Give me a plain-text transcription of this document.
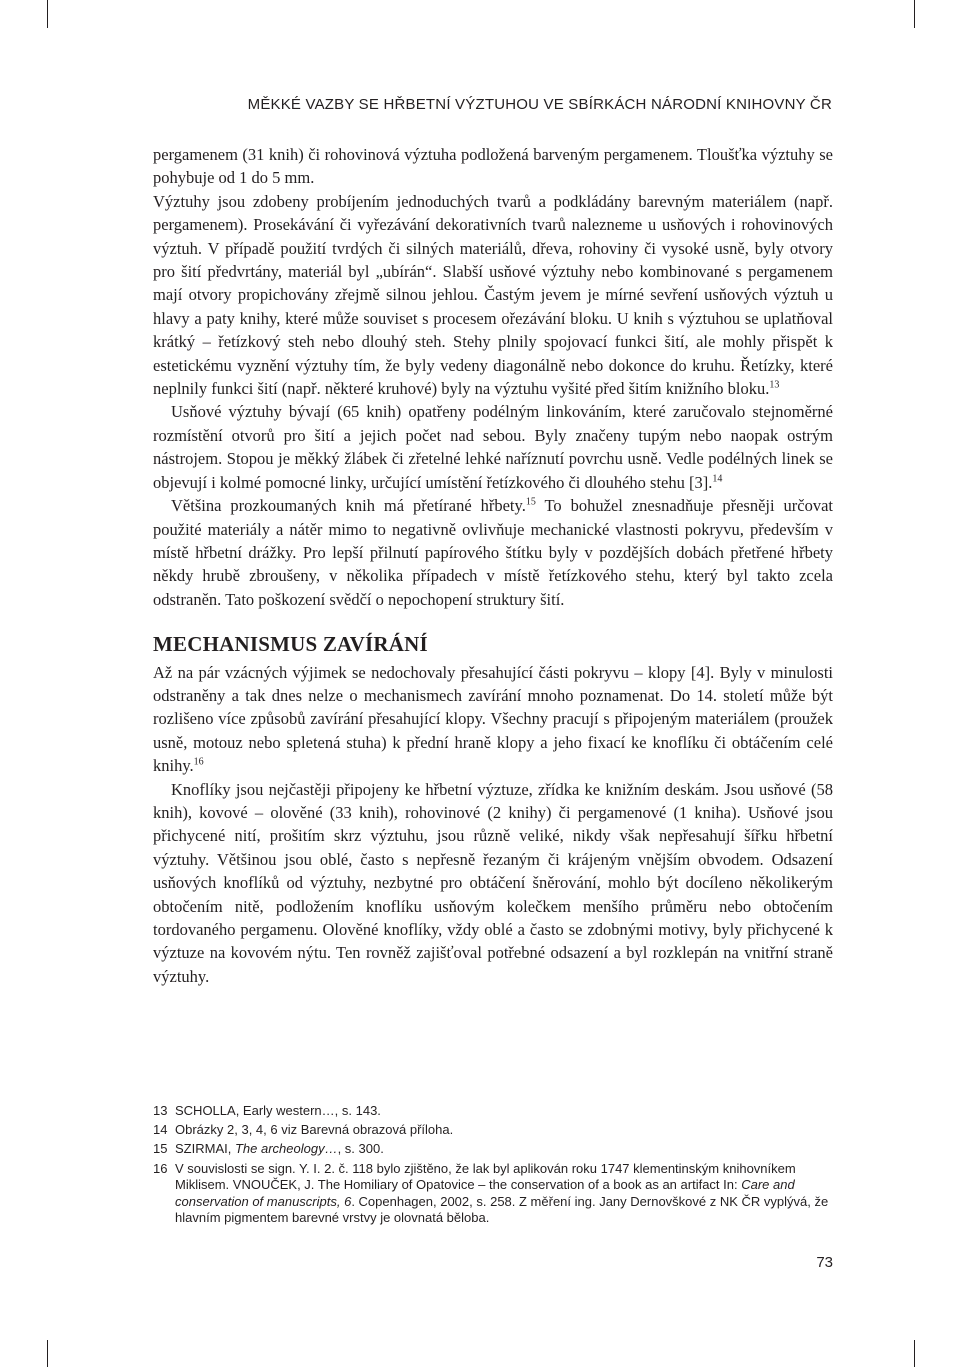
MĚKKÉ VAZBY SE HŘBETNÍ VÝZTUHOU VE SBÍRKÁCH NÁRODNÍ KNIHOVNY ČR

pergamenem (31 knih) či rohovinová výztuha podložená barveným pergamenem. Tloušťka výztuhy se pohybuje od 1 do 5 mm.

Výztuhy jsou zdobeny probíjením jednoduchých tvarů a podkládány barevným materiálem (např. pergamenem). Prosekávání či vyřezávání dekorativních tvarů nalezneme u usňových i rohovinových výztuh. V případě použití tvrdých či silných materiálů, dřeva, rohoviny či vysoké usně, byly otvory pro šití předvrtány, materiál byl „ubírán“. Slabší usňové výztuhy nebo kombinované s pergamenem mají otvory propichovány zřejmě silnou jehlou. Častým jevem je mírné sevření usňových výztuh u hlavy a paty knihy, které může souviset s procesem ořezávání bloku. U knih s výztuhou se uplatňoval krátký – řetízkový steh nebo dlouhý steh. Stehy plnily spojovací funkci šití, ale mohly přispět k estetickému vyznění výztuhy tím, že byly vedeny diagonálně nebo dokonce do kruhu. Řetízky, které neplnily funkci šití (např. některé kruhové) byly na výztuhu vyšité před šitím knižního bloku.$^{13}$

Usňové výztuhy bývají (65 knih) opatřeny podélným linkováním, které zaručovalo stejnoměrné rozmístění otvorů pro šití a jejich počet nad sebou. Byly značeny tupým nebo naopak ostrým nástrojem. Stopou je měkký žlábek či zřetelné lehké naříznutí povrchu usně. Vedle podélných linek se objevují i kolmé pomocné linky, určující umístění řetízkového či dlouhého stehu [3].$^{14}$

Většina prozkoumaných knih má přetírané hřbety.$^{15}$ To bohužel znesnadňuje přesněji určovat použité materiály a nátěr mimo to negativně ovlivňuje mechanické vlastnosti pokryvu, především v místě hřbetní drážky. Pro lepší přilnutí papírového štítku byly v pozdějších dobách přetřené hřbety někdy hrubě zbroušeny, v několika případech v místě řetízkového stehu, který byl takto zcela odstraněn. Tato poškození svědčí o nepochopení struktury šití.

MECHANISMUS ZAVÍRÁNÍ

Až na pár vzácných výjimek se nedochovaly přesahující části pokryvu – klopy [4]. Byly v minulosti odstraněny a tak dnes nelze o mechanismech zavírání mnoho poznamenat. Do 14. století může být rozlišeno více způsobů zavírání přesahující klopy. Všechny pracují s připojeným materiálem (proužek usně, motouz nebo spletená stuha) k přední hraně klopy a jeho fixací ke knoflíku či obtáčením celé knihy.$^{16}$

Knoflíky jsou nejčastěji připojeny ke hřbetní výztuze, zřídka ke knižním deskám. Jsou usňové (58 knih), kovové – olověné (33 knih), rohovinové (2 knihy) či pergamenové (1 kniha). Usňové jsou přichycené nití, prošitím skrz výztuhu, jsou různě veliké, nikdy však nepřesahují šířku hřbetní výztuhy. Většinou jsou oblé, často s nepřesně řezaným či krájeným vnějším obvodem. Odsazení usňových knoflíků od výztuhy, nezbytné pro obtáčení šněrování, mohlo být docíleno několikerým obtočením nitě, podložením knoflíku usňovým kolečkem menšího průměru nebo obtočením tordovaného pergamenu. Olověné knoflíky, vždy oblé a často se zdobnými motivy, byly přichycené k výztuze na kovovém nýtu. Ten rovněž zajišťoval potřebné odsazení a byl rozklepán na vnitřní straně výztuhy.

13 SCHOLLA, Early western…, s. 143.
14 Obrázky 2, 3, 4, 6 viz Barevná obrazová příloha.
15 SZIRMAI, The archeology…, s. 300.
16 V souvislosti se sign. Y. I. 2. č. 118 bylo zjištěno, že lak byl aplikován roku 1747 klementinským knihovníkem Miklisem. VNOUČEK, J. The Homiliary of Opatovice – the conservation of a book as an artifact In: Care and conservation of manuscripts, 6. Copenhagen, 2002, s. 258. Z měření ing. Jany Dernovškové z NK ČR vyplývá, že hlavním pigmentem barevné vrstvy je olovnatá běloba.
73
